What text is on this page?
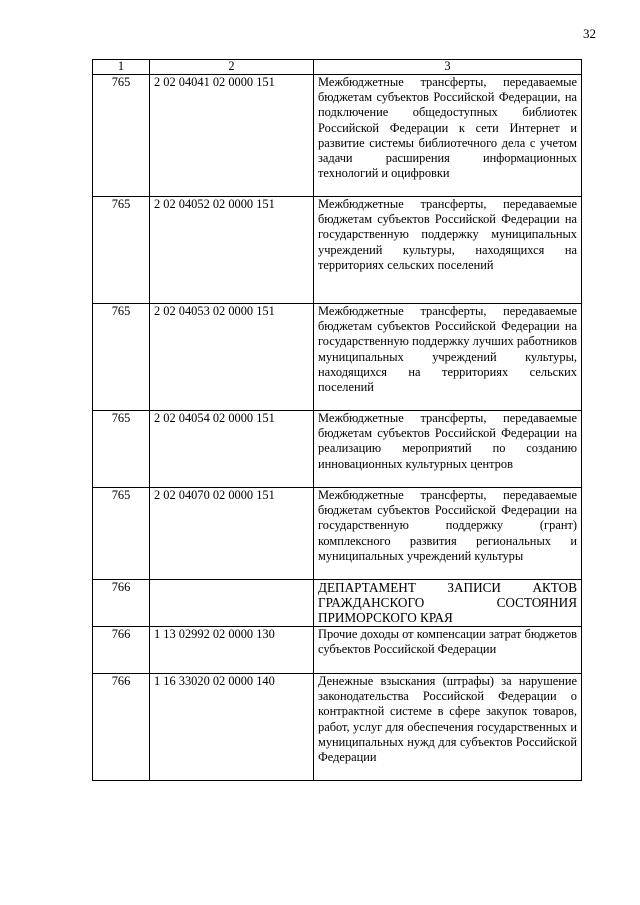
32
1	2	3
765	2 02 04041 02 0000 151	Межбюджетные трансферты, передаваемые бюджетам субъектов Российской Федерации, на подключение общедоступных библиотек Российской Федерации к сети Интернет и развитие системы библиотечного дела с учетом задачи расширения информационных технологий и оцифровки
765	2 02 04052 02 0000 151	Межбюджетные трансферты, передаваемые бюджетам субъектов Российской Федерации на государственную поддержку муниципальных учреждений культуры, находящихся на территориях сельских поселений
765	2 02 04053 02 0000 151	Межбюджетные трансферты, передаваемые бюджетам субъектов Российской Федерации на государственную поддержку лучших работников муниципальных учреждений культуры, находящихся на территориях сельских поселений
765	2 02 04054 02 0000 151	Межбюджетные трансферты, передаваемые бюджетам субъектов Российской Федерации на реализацию мероприятий по созданию инновационных культурных центров
765	2 02 04070 02 0000 151	Межбюджетные трансферты, передаваемые бюджетам субъектов Российской Федерации на государственную поддержку (грант) комплексного развития региональных и муниципальных учреждений культуры
766		ДЕПАРТАМЕНТ ЗАПИСИ АКТОВ ГРАЖДАНСКОГО СОСТОЯНИЯ ПРИМОРСКОГО КРАЯ
766	1 13 02992 02 0000 130	Прочие доходы от компенсации затрат бюджетов субъектов Российской Федерации
766	1 16 33020 02 0000 140	Денежные взыскания (штрафы) за нарушение законодательства Российской Федерации о контрактной системе в сфере закупок товаров, работ, услуг для обеспечения государственных и муниципальных нужд для субъектов Российской Федерации
